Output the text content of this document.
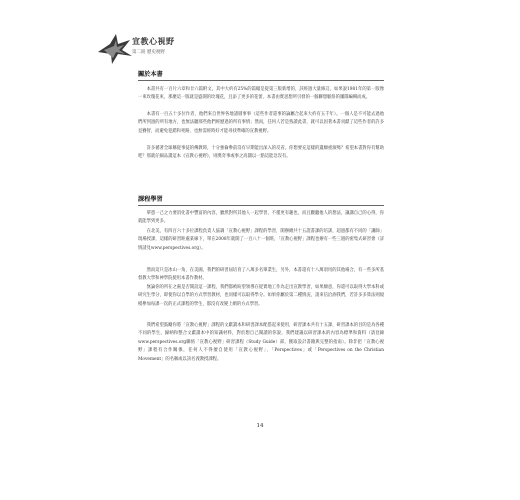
宣教心視野
第二冊 歷史視野
關於本書

本書共有一百片六章和廿六篇附文，其中大約有25%的篇幅是從第三版新增的，該經過大量修訂。如果說1981年的第一版像一束玫瑰花束，那麼這一版就是盛開的玫瑰花，且添了更多的花蕾，本書由實思想所引發的一個聯想脈絡的團隊編輯而成。

本書有一百五十多位作者，他們來自世界各地諸層事事（這些作者還事的論屬合起來大約有五千年）。一個人是不可能去過他們所到過的所有地方，也無法聽那些他們經歷過的所有事情；然而，任何人若是熟讀此書，就可以因著本書貢獻了這些作者的許多見賽智，而避免犯錯和死路，也無需經時好才能尋找準確的宣教視野。

許多循著全球稱從事徒的傳教時，十分強倫參前沒有早期能出深入的反省。你想要充這樣的遺願重演嗎？希望本書對你有幫助吧？那就仔細品讀這本《宣教心視野》，則奧奇事或事之高闊以一點這能急沒有。

課程學習

單憑一己之力要消化書中豐富的內容，雖然對所其他人一起學習，不僅更有趣也，而且觀聽他人的想法，讓講自己的心得，你就能學到更多。

在北美，有四百六十多位課程負責人協調「宣教心視野」課程的學習，開辦總共十五證書課的培訓，超過都有不同的「講師」現場授課，這樣的研習距處某線下，單在2008年就開了一百八十一個班，「宣教心視野」課程也辦有一些三週的密集式研習會（詳情請見www.perspectives.org）。

然而這只是冰山一角，在美國，我們的研習屆培育了八萬多名畢業生，另外，本書還有十八萬項用的其他場合，有一些多所基督教大學和神學院使用本書作教材。

無論你的所在之處是否開設這一課程，我們都被盼望領導在從實地工作為走出宣教學習，如果願意，你還可以取得大學本科或研究生學分，即使你以自學的方式學習教材，也同樣可以取得學分。如果你屬於第二種情況，請來信洽詢我們，若許多多算法則規模參加每課一次的正式課程的學生，都沒有改變上網的方式學習。

我們希望鼓勵你將「宣教心視野」課程的文獻讀本和研習課本配搭起來使用，研習課本共有十五課，研習課本的目的是為各種不同的學生，歸納和整合文獻讀本中的知識材料，對於想自己閱讀的你說，我們建議以研習課本的內容為標準和資料（請登錄www.perspectives.org聯絡「宣教心視野」研習課程（Study Guide）部，獲取設計書籍與完整的指南）。除非把「宣教心視野」課程有合作關係，任何人不得擅自使用「宣教心視野」、「Perspectives」或「Perspectives on the Christian Movement」的名稱或以該名義教授課程。

14
